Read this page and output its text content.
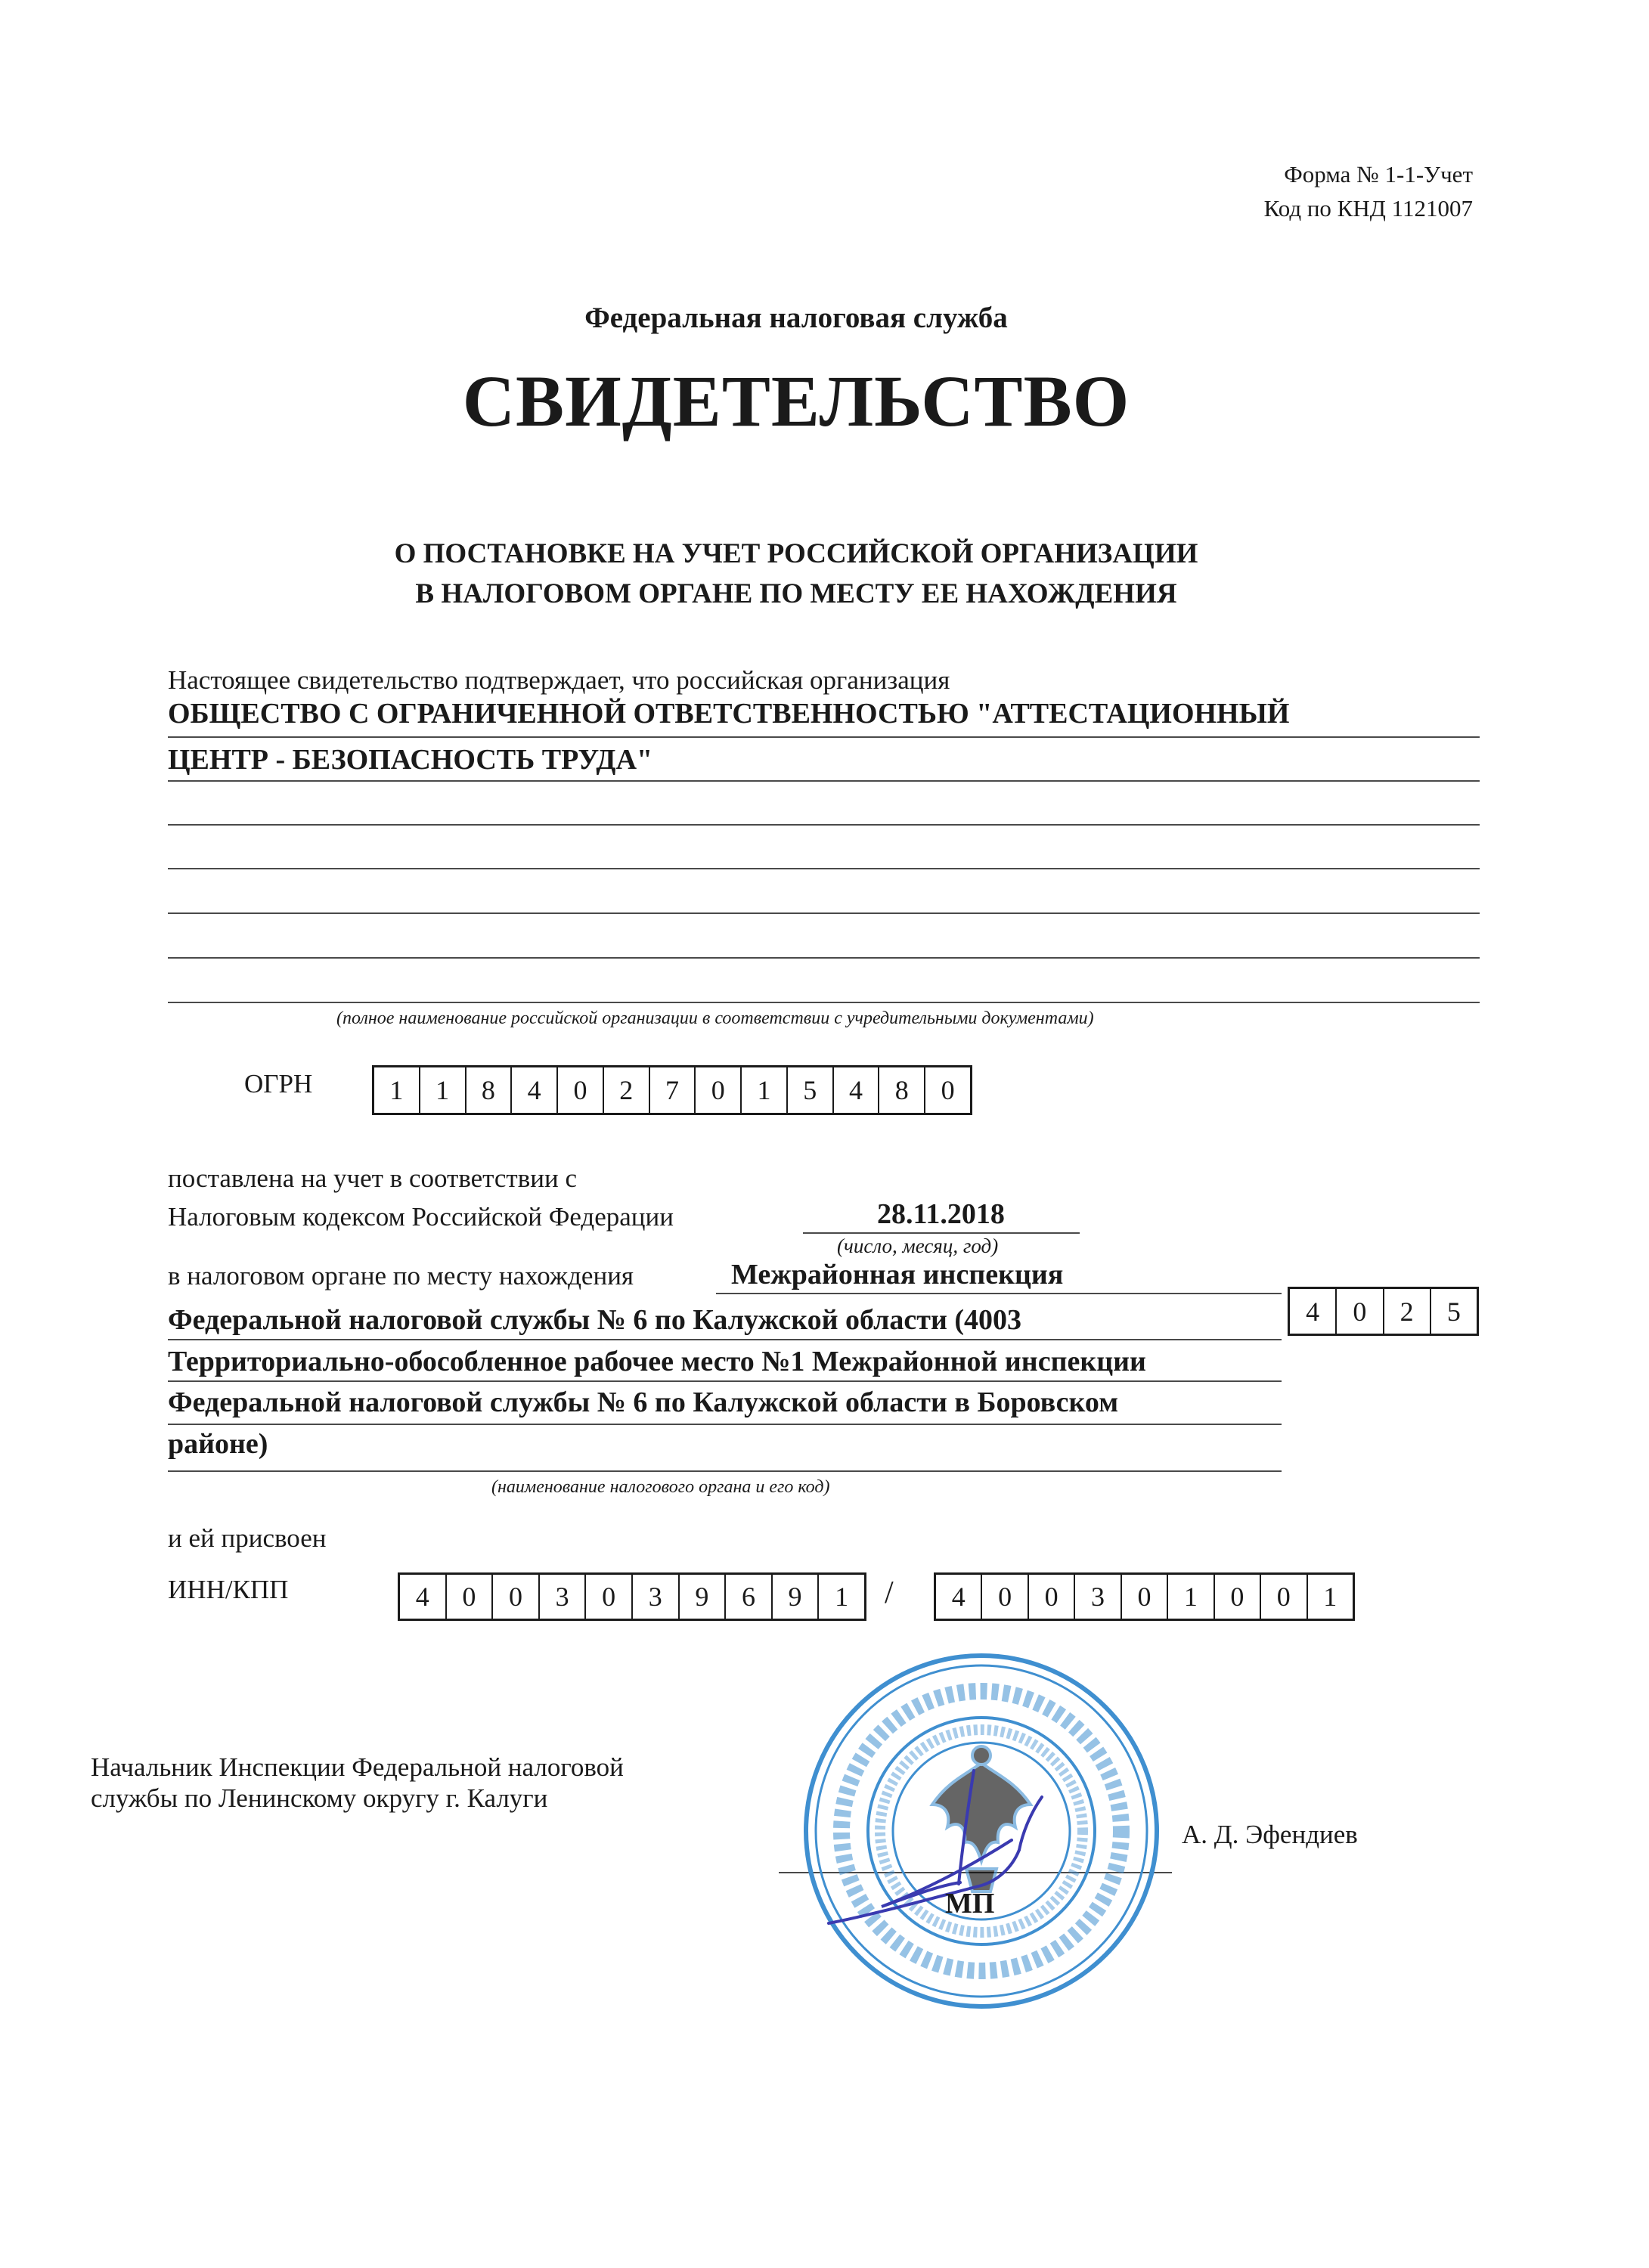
Форма № 1-1-Учет
Код по КНД 1121007
Федеральная налоговая служба
СВИДЕТЕЛЬСТВО
О ПОСТАНОВКЕ НА УЧЕТ РОССИЙСКОЙ ОРГАНИЗАЦИИ
В НАЛОГОВОМ ОРГАНЕ ПО МЕСТУ ЕЕ НАХОЖДЕНИЯ
Настоящее свидетельство подтверждает, что российская организация
ОБЩЕСТВО С ОГРАНИЧЕННОЙ ОТВЕТСТВЕННОСТЬЮ "АТТЕСТАЦИОННЫЙ
ЦЕНТР - БЕЗОПАСНОСТЬ ТРУДА"
(полное наименование российской организации в соответствии с учредительными документами)
ОГРН	1	1	8	4	0	2	7	0	1	5	4	8	0
поставлена на учет в соответствии с
Налоговым кодексом Российской Федерации	28.11.2018
(число, месяц, год)
в налоговом органе по месту нахождения	Межрайонная инспекция
Федеральной налоговой службы № 6 по Калужской области (4003
Территориально-обособленное рабочее место №1 Межрайонной инспекции
Федеральной налоговой службы № 6 по Калужской области в Боровском
районе)
(наименование налогового органа и его код)
4	0	2	5
и ей присвоен
ИНН/КПП	4	0	0	3	0	3	9	6	9	1	/	4	0	0	3	0	1	0	0	1
Начальник Инспекции Федеральной налоговой
службы по Ленинскому округу г. Калуги
А. Д. Эфендиев
МП
